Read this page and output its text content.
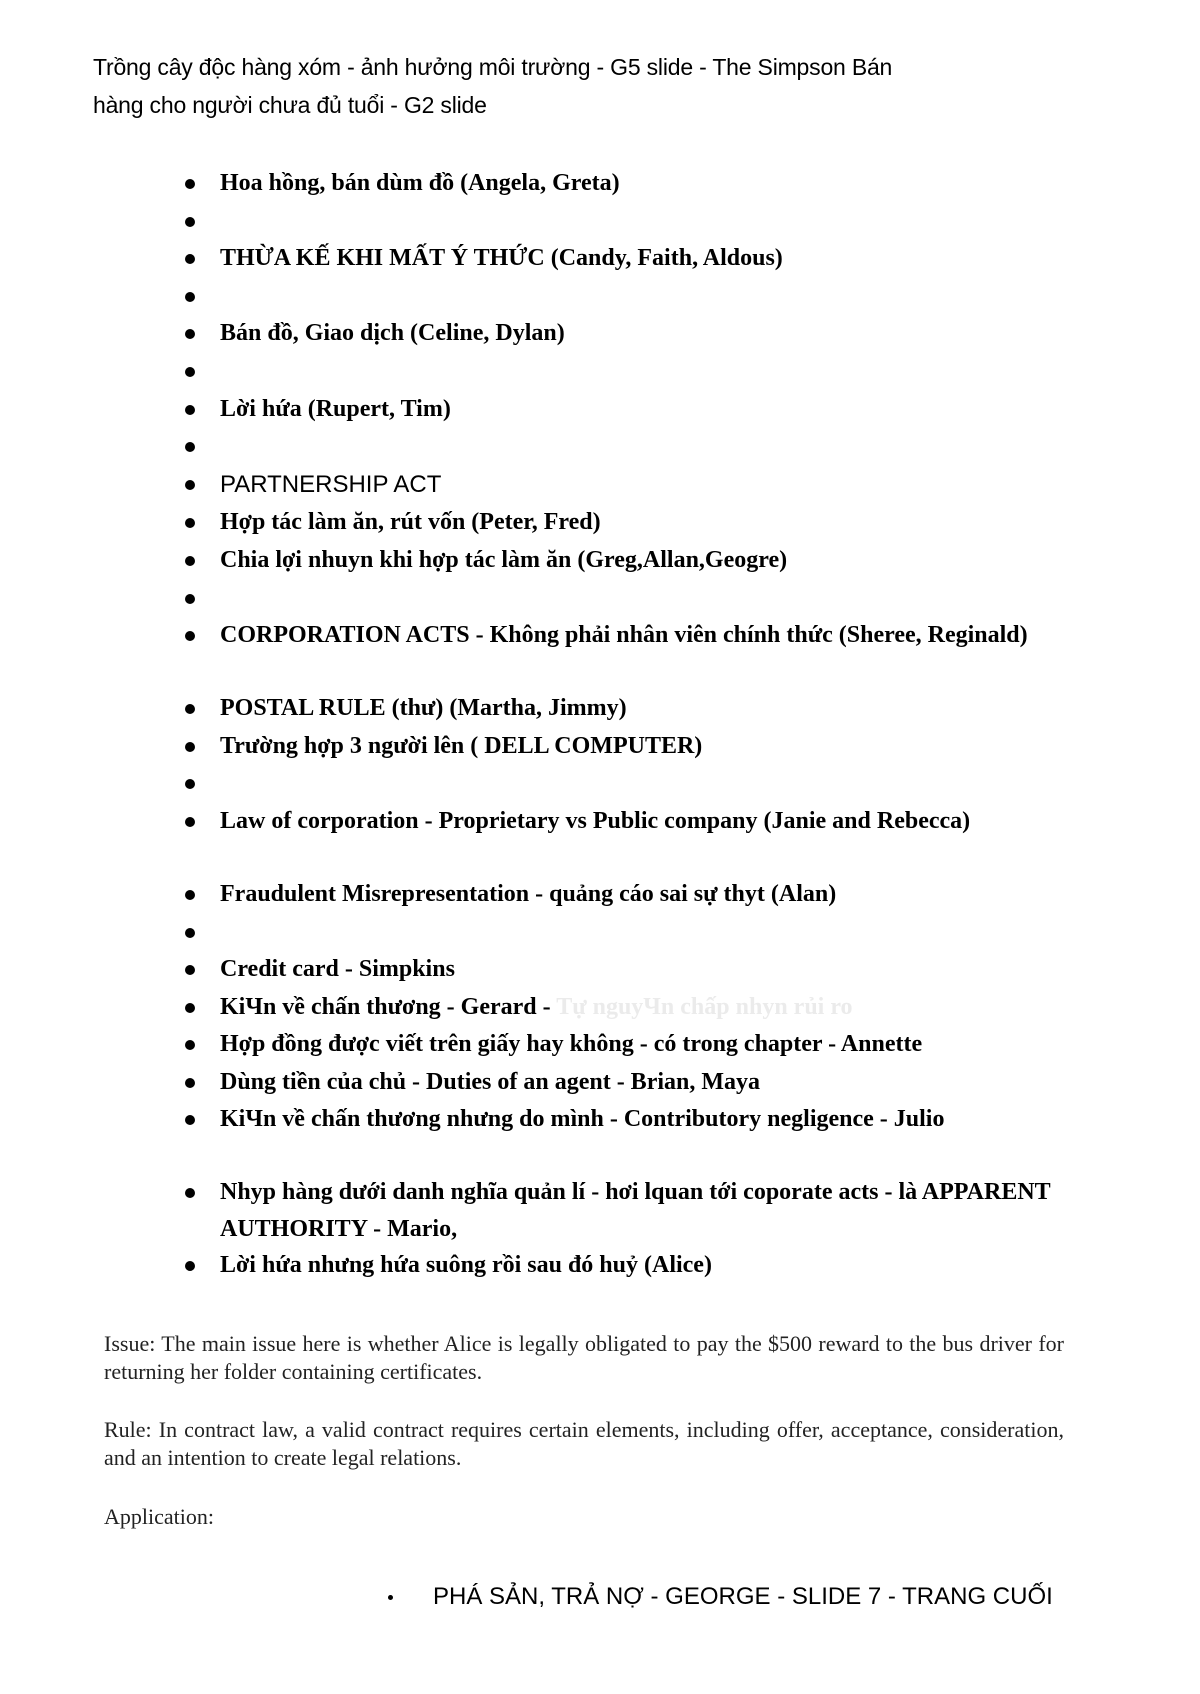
Trồng cây độc hàng xóm - ảnh hưởng môi trường - G5 slide - The Simpson Bán
hàng cho người chưa đủ tuổi - G2 slide
Hoa hồng, bán dùm đồ (Angela, Greta)
THỪA KẾ KHI MẤT Ý THỨC (Candy, Faith, Aldous)
Bán đồ, Giao dịch (Celine, Dylan)
Lời hứa (Rupert, Tim)
PARTNERSHIP ACT
Hợp tác làm ăn, rút vốn (Peter, Fred)
Chia lợi nhuyn khi hợp tác làm ăn (Greg,Allan,Geogre)
CORPORATION ACTS - Không phải nhân viên chính thức (Sheree, Reginald)
POSTAL RULE (thư) (Martha, Jimmy)
Trường hợp 3 người lên ( DELL COMPUTER)
Law of corporation - Proprietary vs Public company (Janie and Rebecca)
Fraudulent Misrepresentation - quảng cáo sai sự thyt (Alan)
Credit card - Simpkins
KiЧn về chấn thương - Gerard - Tự nguyЧn chấp nhyn rủi ro
Hợp đồng được viết trên giấy hay không - có trong chapter - Annette
Dùng tiền của chủ - Duties of an agent - Brian, Maya
KiЧn về chấn thương nhưng do mình - Contributory negligence - Julio
Nhyp hàng dưới danh nghĩa quản lí - hơi lquan tới coporate acts - là APPARENT AUTHORITY - Mario,
Lời hứa nhưng hứa suông rồi sau đó huỷ (Alice)
Issue: The main issue here is whether Alice is legally obligated to pay the $500 reward to the bus driver for returning her folder containing certificates.
Rule: In contract law, a valid contract requires certain elements, including offer, acceptance, consideration, and an intention to create legal relations.
Application:
PHÁ SẢN, TRẢ NỢ - GEORGE - SLIDE 7 - TRANG CUỐI
